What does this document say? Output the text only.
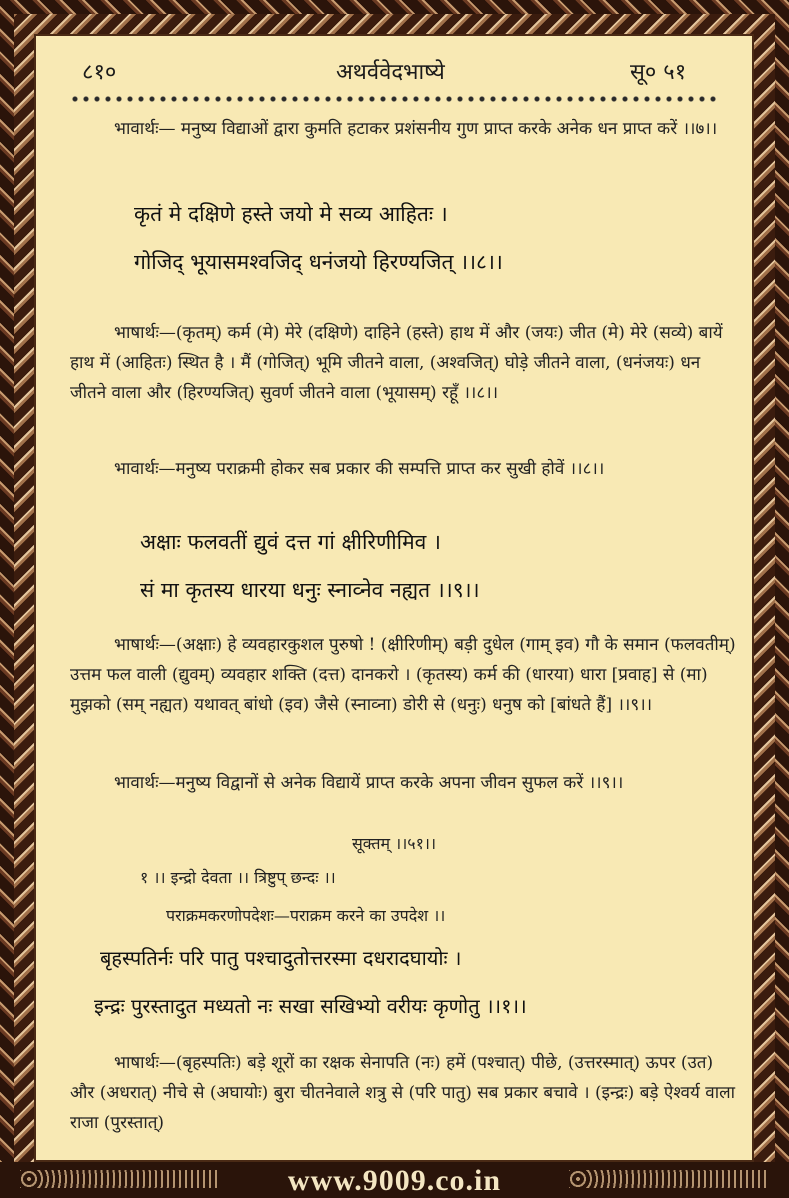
८१०	अथर्ववेदभाष्ये	सू० ५१

भावार्थः— मनुष्य विद्याओं द्वारा कुमति हटाकर प्रशंसनीय गुण प्राप्त करके अनेक धन प्राप्त करें ।।७।।

कृतं मे दक्षिणे हस्ते जयो मे सव्य आहितः ।
गोजिद् भूयासमश्वजिद् धनंजयो हिरण्यजित् ।।८।।

भाषार्थः—(कृतम्) कर्म (मे) मेरे (दक्षिणे) दाहिने (हस्ते) हाथ में और (जयः) जीत (मे) मेरे (सव्ये) बायें हाथ में (आहितः) स्थित है । मैं (गोजित्) भूमि जीतने वाला, (अश्वजित्) घोड़े जीतने वाला, (धनंजयः) धन जीतने वाला और (हिरण्यजित्) सुवर्ण जीतने वाला (भूयासम्) रहूँ ।।८।।

भावार्थः—मनुष्य पराक्रमी होकर सब प्रकार की सम्पत्ति प्राप्त कर सुखी होवें ।।८।।

अक्षाः फलवतीं द्युवं दत्त गां क्षीरिणीमिव ।
सं मा कृतस्य धारया धनुः स्नाव्नेव नह्यत ।।९।।

भाषार्थः—(अक्षाः) हे व्यवहारकुशल पुरुषो ! (क्षीरिणीम्) बड़ी दुधेल (गाम् इव) गौ के समान (फलवतीम्) उत्तम फल वाली (द्युवम्) व्यवहार शक्ति (दत्त) दानकरो । (कृतस्य) कर्म की (धारया) धारा [प्रवाह] से (मा) मुझको (सम् नह्यत) यथावत् बांधो (इव) जैसे (स्नाव्ना) डोरी से (धनुः) धनुष को [बांधते हैं] ।।९।।

भावार्थः—मनुष्य विद्वानों से अनेक विद्यायें प्राप्त करके अपना जीवन सुफल करें ।।९।।

सूक्तम् ।।५१।।
१ ।। इन्द्रो देवता ।। त्रिष्टुप् छन्दः ।।
पराक्रमकरणोपदेशः—पराक्रम करने का उपदेश ।।
बृहस्पतिर्नः परि पातु पश्चादुतोत्तरस्मा दधरादघायोः ।
इन्द्रः पुरस्तादुत मध्यतो नः सखा सखिभ्यो वरीयः कृणोतु ।।१।।

भाषार्थः—(बृहस्पतिः) बड़े शूरों का रक्षक सेनापति (नः) हमें (पश्चात्) पीछे, (उत्तरस्मात्) ऊपर (उत) और (अधरात्) नीचे से (अघायोः) बुरा चीतनेवाले शत्रु से (परि पातु) सब प्रकार बचावे । (इन्द्रः) बड़े ऐश्वर्य वाला राजा (पुरस्तात्)

www.9009.co.in
